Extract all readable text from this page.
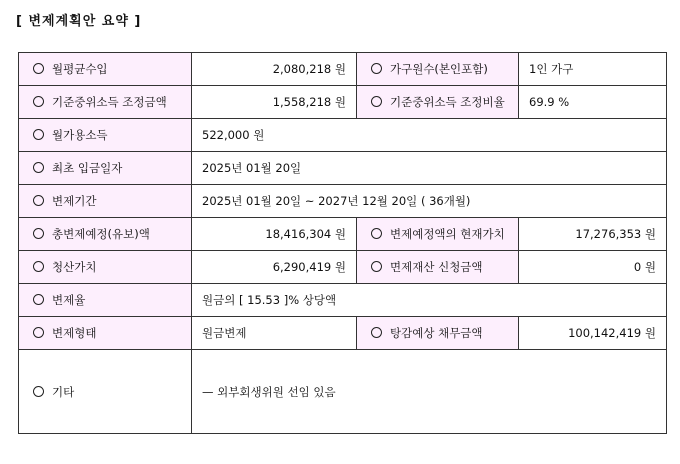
[ 변제계획안 요약 ]
월평균수입	2,080,218 원	가구원수(본인포함)	1인 가구
기준중위소득 조정금액	1,558,218 원	기준중위소득 조정비율	69.9 %
월가용소득	522,000 원		
최초 입금일자	2025년 01월 20일		
변제기간	2025년 01월 20일 ~ 2027년 12월 20일 ( 36개월)		
총변제예정(유보)액	18,416,304 원	변제예정액의 현재가치	17,276,353 원
청산가치	6,290,419 원	면제재산 신청금액	0 원
변제율	원금의 [ 15.53 ]% 상당액		
변제형태	원금변제	탕감예상 채무금액	100,142,419 원
기타	— 외부회생위원 선임 있음		
